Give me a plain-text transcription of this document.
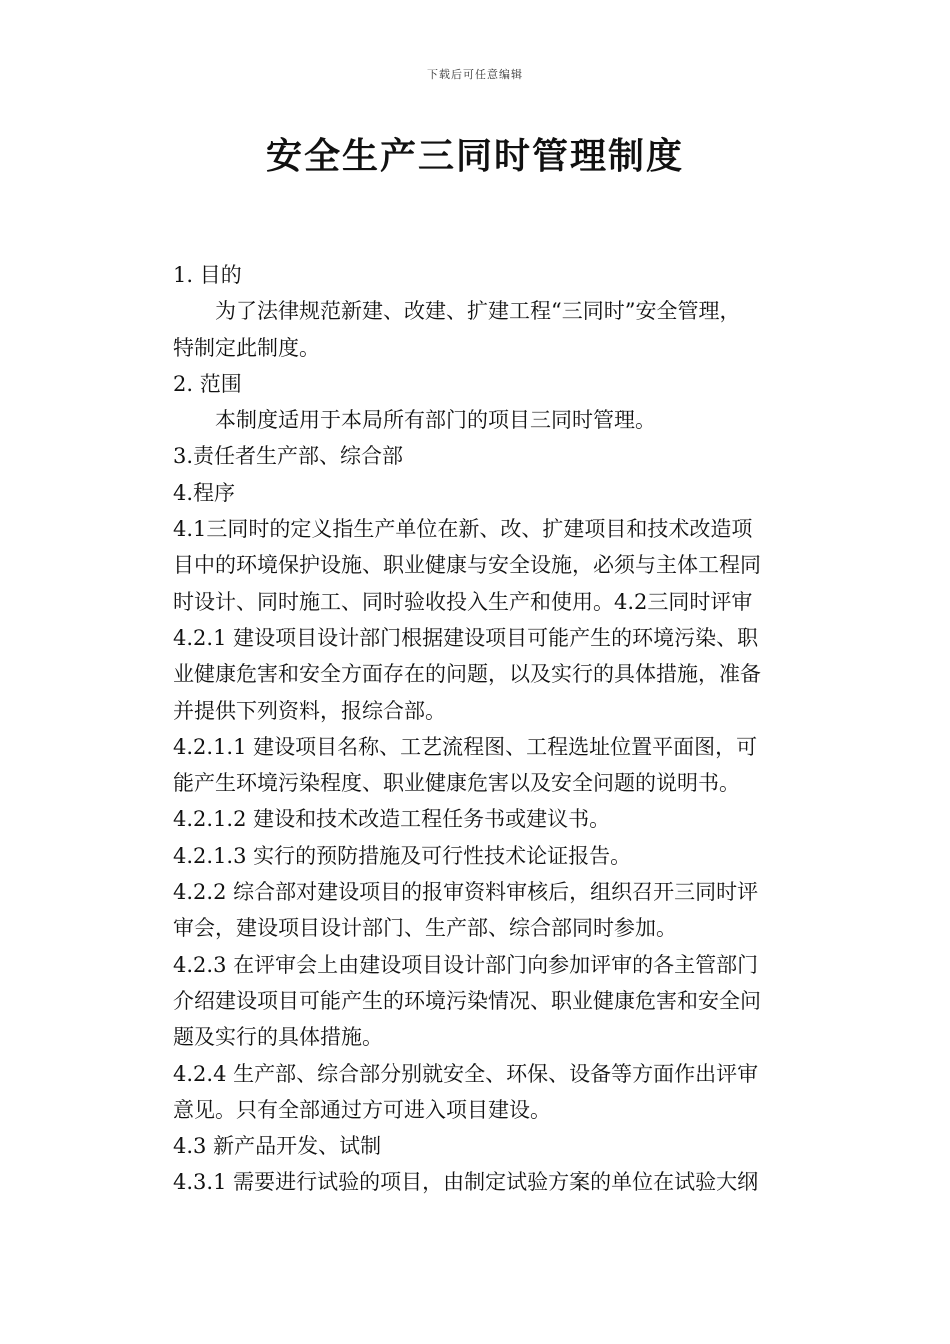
下载后可任意编辑
安全生产三同时管理制度

1. 目的

为了法律规范新建、改建、扩建工程“三同时”安全管理，

特制定此制度。

2. 范围

本制度适用于本局所有部门的项目三同时管理。

3.责任者生产部、综合部

4.程序

4.1三同时的定义指生产单位在新、改、扩建项目和技术改造项

目中的环境保护设施、职业健康与安全设施，必须与主体工程同

时设计、同时施工、同时验收投入生产和使用。4.2三同时评审

4.2.1 建设项目设计部门根据建设项目可能产生的环境污染、职

业健康危害和安全方面存在的问题，以及实行的具体措施，准备

并提供下列资料，报综合部。

4.2.1.1 建设项目名称、工艺流程图、工程选址位置平面图，可

能产生环境污染程度、职业健康危害以及安全问题的说明书。

4.2.1.2 建设和技术改造工程任务书或建议书。

4.2.1.3 实行的预防措施及可行性技术论证报告。

4.2.2 综合部对建设项目的报审资料审核后，组织召开三同时评

审会，建设项目设计部门、生产部、综合部同时参加。

4.2.3 在评审会上由建设项目设计部门向参加评审的各主管部门

介绍建设项目可能产生的环境污染情况、职业健康危害和安全问

题及实行的具体措施。

4.2.4 生产部、综合部分别就安全、环保、设备等方面作出评审

意见。只有全部通过方可进入项目建设。

4.3 新产品开发、试制

4.3.1 需要进行试验的项目，由制定试验方案的单位在试验大纲
